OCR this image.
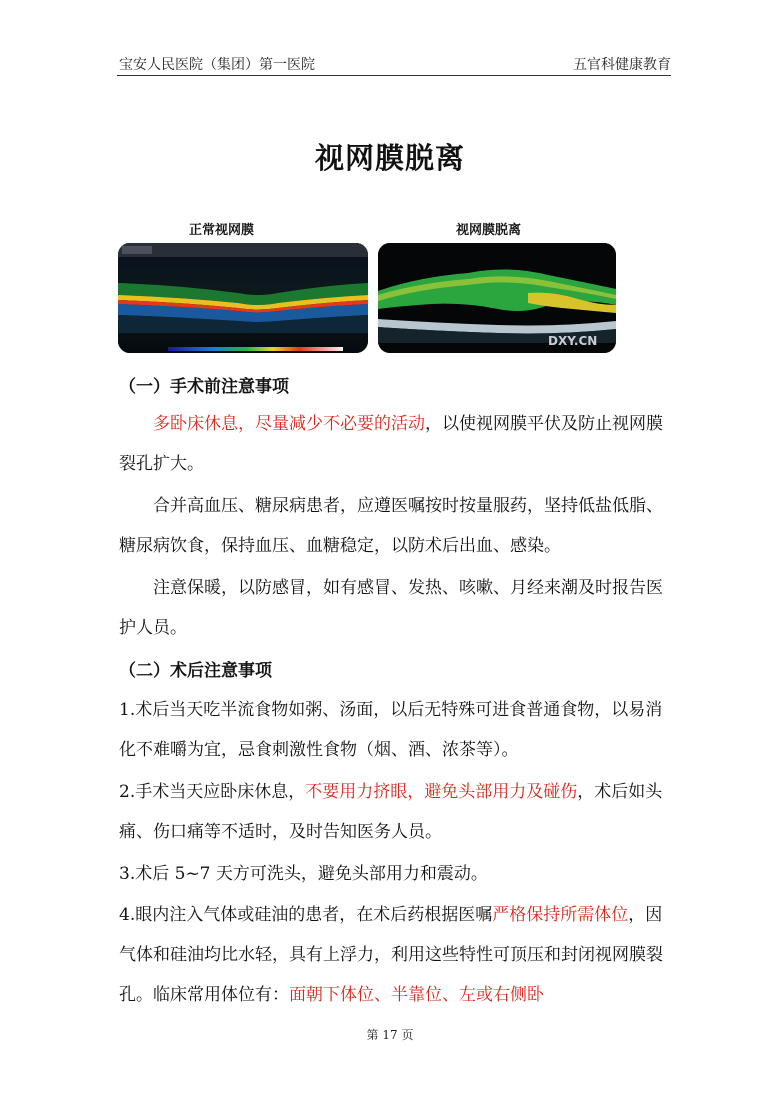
宝安人民医院（集团）第一医院	五官科健康教育
视网膜脱离
正常视网膜	视网膜脱离
DXY.CN
（一）手术前注意事项
多卧床休息，尽量减少不必要的活动，以使视网膜平伏及防止视网膜裂孔扩大。
合并高血压、糖尿病患者，应遵医嘱按时按量服药，坚持低盐低脂、糖尿病饮食，保持血压、血糖稳定，以防术后出血、感染。
注意保暖，以防感冒，如有感冒、发热、咳嗽、月经来潮及时报告医护人员。
（二）术后注意事项
1.术后当天吃半流食物如粥、汤面，以后无特殊可进食普通食物，以易消化不难嚼为宜，忌食刺激性食物（烟、酒、浓茶等）。
2.手术当天应卧床休息，不要用力挤眼，避免头部用力及碰伤，术后如头痛、伤口痛等不适时，及时告知医务人员。
3.术后 5~7 天方可洗头，避免头部用力和震动。
4.眼内注入气体或硅油的患者，在术后药根据医嘱严格保持所需体位，因气体和硅油均比水轻，具有上浮力，利用这些特性可顶压和封闭视网膜裂孔。临床常用体位有：面朝下体位、半靠位、左或右侧卧
第 17 页
